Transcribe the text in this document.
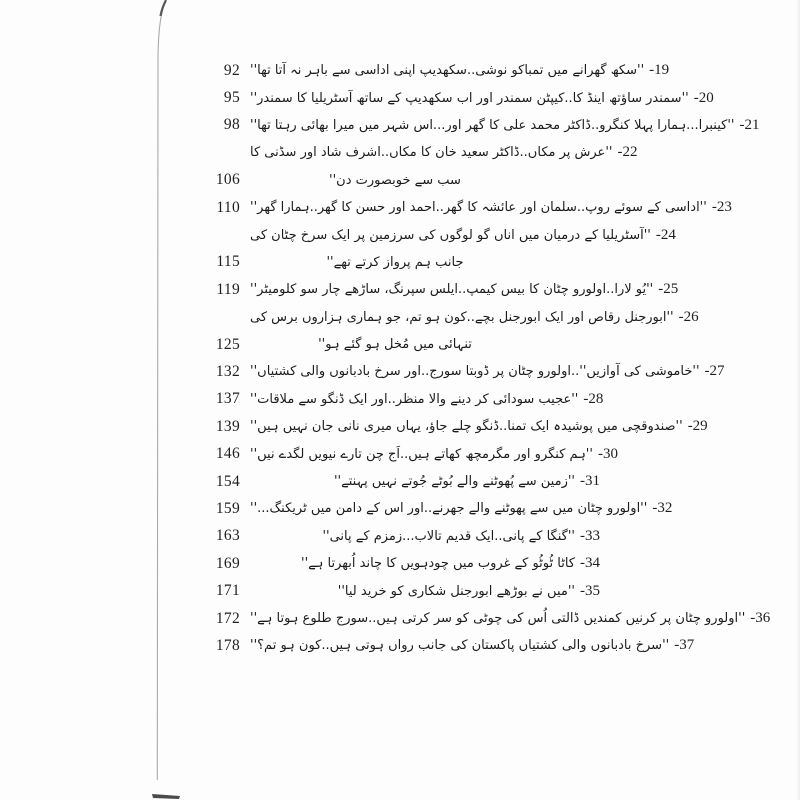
92 ''سکھ گھرانے میں تمباکو نوشی..سکھدیپ اپنی اداسی سے باہر نہ آتا تھا'' -19
95 ''سمندر ساؤتھ اینڈ کا..کیپٹن سمندر اور اب سکھدیپ کے ساتھ آسٹریلیا کا سمندر'' -20
98 ''کینبرا...ہمارا پہلا کنگرو..ڈاکٹر محمد علی کا گھر اور...اس شہر میں میرا بھائی رہتا تھا'' -21
''عرش پر مکاں..ڈاکٹر سعید خان کا مکاں..اشرف شاد اور سڈنی کا -22
106	سب سے خوبصورت دن''
110 ''اداسی کے سوئے روپ..سلمان اور عائشہ کا گھر..احمد اور حسن کا گھر..ہمارا گھر'' -23
''آسٹریلیا کے درمیان میں اناں گو لوگوں کی سرزمین پر ایک سرخ چٹان کی -24
115	جانب ہم پرواز کرتے تھے''
119 ''یُو لارا..اولورو چٹان کا بیس کیمپ..ایلس سپرنگ، ساڑھے چار سو کلومیٹر'' -25
''ابورجنل رقاص اور ایک ابورجنل بچے..کون ہو تم، جو ہماری ہزاروں برس کی -26
125	تنہائی میں مُخل ہو گئے ہو''
132 ''خاموشی کی آوازیں''..اولورو چٹان پر ڈوبتا سورج..اور سرخ بادبانوں والی کشتیاں'' -27
137 ''عجیب سودائی کر دینے والا منظر..اور ایک ڈنگو سے ملاقات'' -28
139 ''صندوقچی میں پوشیدہ ایک تمنا..ڈنگو چلے جاؤ، یہاں میری نانی جان نہیں ہیں'' -29
146 ''ہم کنگرو اور مگرمچھ کھاتے ہیں..اَج چن تارے نیویں لگدے نیں'' -30
154	''زمین سے پُھوٹنے والے بُوٹے جُوتے نہیں پہنتے'' -31
159 ''اولورو چٹان میں سے پھوٹنے والے جھرنے..اور اس کے دامن میں ٹریکنگ...'' -32
163	''گنگا کے پانی..ایک قدیم تالاب...زمزم کے پانی'' -33
169	کاٹا ٹُوٹُو کے غروب میں چودہویں کا چاند اُبھرتا ہے'' -34
171	''میں نے بوڑھے ابورجنل شکاری کو خرید لیا'' -35
172 ''اولورو چٹان پر کرنیں کمندیں ڈالتی اُس کی چوٹی کو سر کرتی ہیں..سورج طلوع ہوتا ہے'' -36
178 ''سرخ بادبانوں والی کشتیاں پاکستان کی جانب رواں ہوتی ہیں..کون ہو تم؟'' -37
